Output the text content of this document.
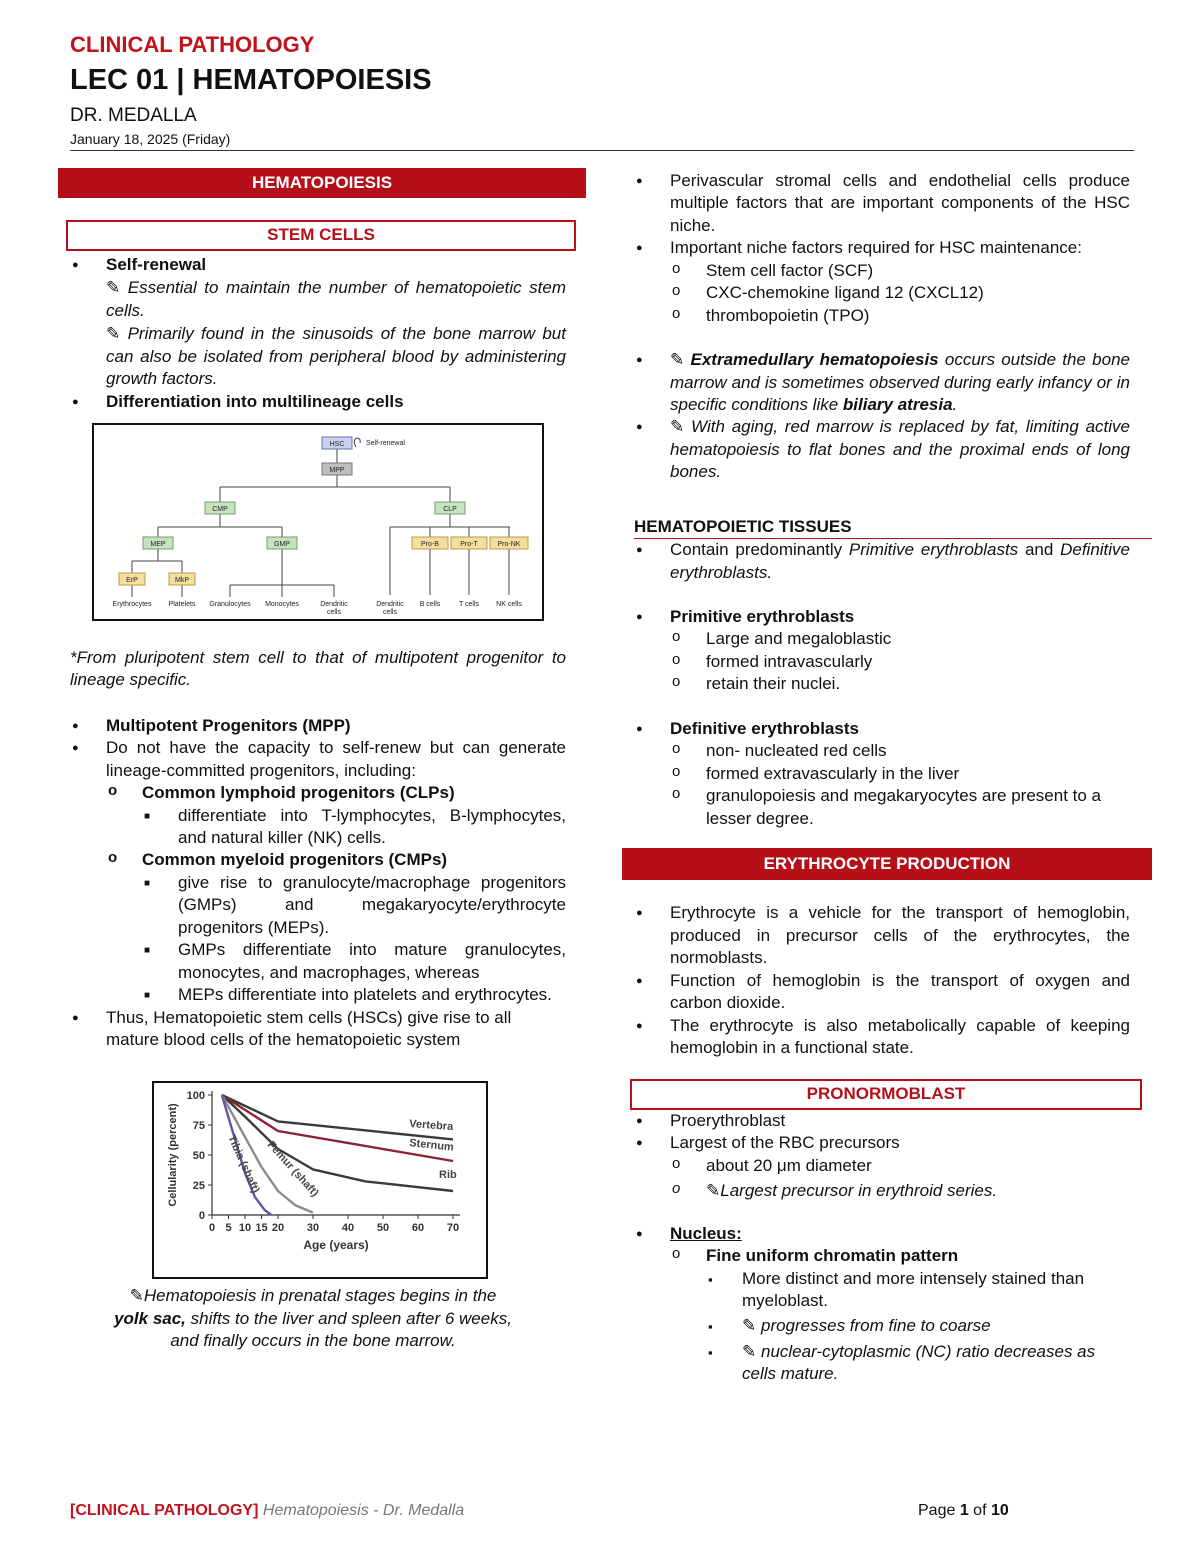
CLINICAL PATHOLOGY
LEC 01 | HEMATOPOIESIS
DR. MEDALLA
January 18, 2025 (Friday)
HEMATOPOIESIS
STEM CELLS
● Self-renewal
✎ Essential to maintain the number of hematopoietic stem cells.
✎ Primarily found in the sinusoids of the bone marrow but can also be isolated from peripheral blood by administering growth factors.
● Differentiation into multilineage cells
HSC	Self-renewal
MPP
CMP	CLP
MEP	GMP	Pro-B	Pro-T	Pro-NK
ErP	MkP
Erythrocytes Platelets Granulocytes Monocytes	Dendritic
cells
Dendritic
cells
B cells	T cells NK cells
*From pluripotent stem cell to that of multipotent progenitor to lineage specific.
● Multipotent Progenitors (MPP)
● Do not have the capacity to self-renew but can generate lineage-committed progenitors, including:
o Common lymphoid progenitors (CLPs)
■ differentiate into T-lymphocytes, B-lymphocytes, and natural killer (NK) cells.
o Common myeloid progenitors (CMPs)
■ give rise to granulocyte/macrophage progenitors (GMPs) and megakaryocyte/erythrocyte progenitors (MEPs).
■ GMPs differentiate into mature granulocytes, monocytes, and macrophages, whereas
■ MEPs differentiate into platelets and erythrocytes.
● Thus, Hematopoietic stem cells (HSCs) give rise to all mature blood cells of the hematopoietic system
0
25
50
75
100
0 5 10 15 20 30 40 50 60 70
Age (years)
Cellularity (percent)	Vertebra
Sternum
Rib
Femur (shaft)
Tibia (shaft)
✎Hematopoiesis in prenatal stages begins in the
yolk sac, shifts to the liver and spleen after 6 weeks,
and finally occurs in the bone marrow.
● Perivascular stromal cells and endothelial cells produce multiple factors that are important components of the HSC niche.
● Important niche factors required for HSC maintenance:
o Stem cell factor (SCF)
o CXC-chemokine ligand 12 (CXCL12)
o thrombopoietin (TPO)
● ✎ Extramedullary hematopoiesis occurs outside the bone marrow and is sometimes observed during early infancy or in specific conditions like biliary atresia.
● ✎ With aging, red marrow is replaced by fat, limiting active hematopoiesis to flat bones and the proximal ends of long bones.
HEMATOPOIETIC TISSUES
● Contain predominantly Primitive erythroblasts and Definitive erythroblasts.
● Primitive erythroblasts
o Large and megaloblastic
o formed intravascularly
o retain their nuclei.
● Definitive erythroblasts
o non- nucleated red cells
o formed extravascularly in the liver
o granulopoiesis and megakaryocytes are present to a lesser degree.
ERYTHROCYTE PRODUCTION
● Erythrocyte is a vehicle for the transport of hemoglobin, produced in precursor cells of the erythrocytes, the normoblasts.
● Function of hemoglobin is the transport of oxygen and carbon dioxide.
● The erythrocyte is also metabolically capable of keeping hemoglobin in a functional state.
PRONORMOBLAST
● Proerythroblast
● Largest of the RBC precursors
o about 20 μm diameter
o ✎Largest precursor in erythroid series.
● Nucleus:
o Fine uniform chromatin pattern
▪ More distinct and more intensely stained than myeloblast.
▪ ✎ progresses from fine to coarse
▪ ✎ nuclear-cytoplasmic (NC) ratio decreases as cells mature.
[CLINICAL PATHOLOGY] Hematopoiesis - Dr. Medalla	Page 1 of 10
